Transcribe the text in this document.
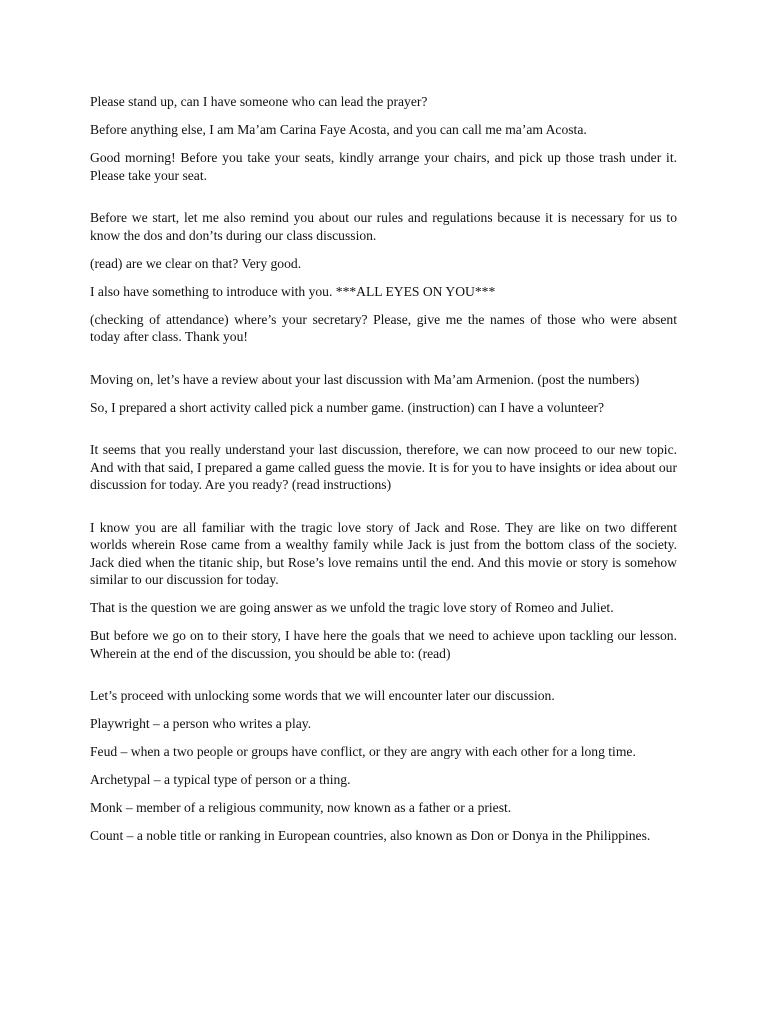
Please stand up, can I have someone who can lead the prayer?

Before anything else, I am Ma’am Carina Faye Acosta, and you can call me ma’am Acosta.

Good morning! Before you take your seats, kindly arrange your chairs, and pick up those trash under it. Please take your seat.

Before we start, let me also remind you about our rules and regulations because it is necessary for us to know the dos and don’ts during our class discussion.

(read) are we clear on that? Very good.

I also have something to introduce with you. ***ALL EYES ON YOU***

(checking of attendance) where’s your secretary? Please, give me the names of those who were absent today after class. Thank you!

Moving on, let’s have a review about your last discussion with Ma’am Armenion. (post the numbers)

So, I prepared a short activity called pick a number game. (instruction) can I have a volunteer?

It seems that you really understand your last discussion, therefore, we can now proceed to our new topic. And with that said, I prepared a game called guess the movie. It is for you to have insights or idea about our discussion for today. Are you ready? (read instructions)

I know you are all familiar with the tragic love story of Jack and Rose. They are like on two different worlds wherein Rose came from a wealthy family while Jack is just from the bottom class of the society. Jack died when the titanic ship, but Rose’s love remains until the end. And this movie or story is somehow similar to our discussion for today.

That is the question we are going answer as we unfold the tragic love story of Romeo and Juliet.

But before we go on to their story, I have here the goals that we need to achieve upon tackling our lesson. Wherein at the end of the discussion, you should be able to: (read)

Let’s proceed with unlocking some words that we will encounter later our discussion.

Playwright – a person who writes a play.

Feud – when a two people or groups have conflict, or they are angry with each other for a long time.

Archetypal – a typical type of person or a thing.

Monk – member of a religious community, now known as a father or a priest.

Count – a noble title or ranking in European countries, also known as Don or Donya in the Philippines.
